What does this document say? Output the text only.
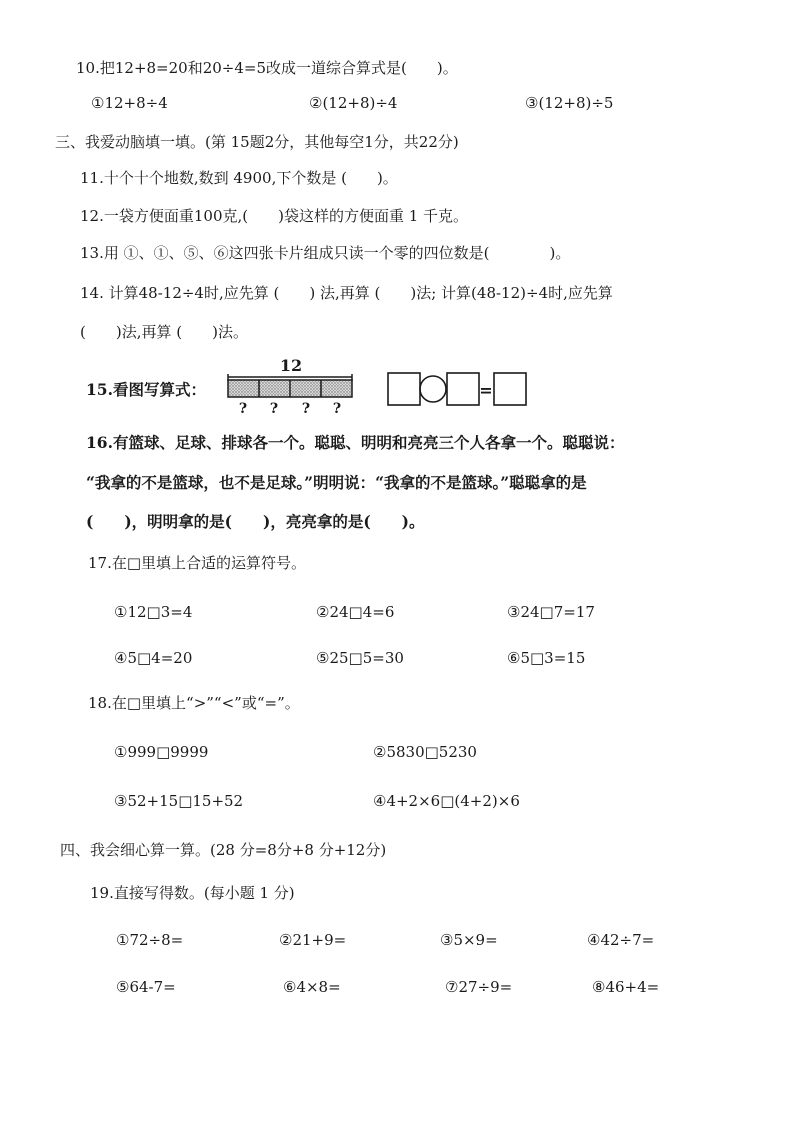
10.把12+8=20和20÷4=5改成一道综合算式是(　　)。
①12+8÷4	②(12+8)÷4	③(12+8)÷5
三、我爱动脑填一填。(第 15题2分，其他每空1分，共22分)
11.十个十个地数,数到 4900,下个数是 (　　)。
12.一袋方便面重100克,(　　)袋这样的方便面重 1 千克。
13.用 ①、①、⑤、⑥这四张卡片组成只读一个零的四位数是(　　　　)。
14. 计算48-12÷4时,应先算 (　　) 法,再算 (　　)法; 计算(48-12)÷4时,应先算
(　　)法,再算 (　　)法。
15.看图写算式：
12
? ? ? ?
=
16.有篮球、足球、排球各一个。聪聪、明明和亮亮三个人各拿一个。聪聪说：
“我拿的不是篮球，也不是足球。”明明说：“我拿的不是篮球。”聪聪拿的是
(　　)，明明拿的是(　　)，亮亮拿的是(　　)。
17.在□里填上合适的运算符号。
①12□3=4	②24□4=6	③24□7=17
④5□4=20	⑤25□5=30	⑥5□3=15
18.在□里填上“>”“<”或“=”。
①999□9999	②5830□5230
③52+15□15+52	④4+2×6□(4+2)×6
四、我会细心算一算。(28 分=8分+8 分+12分)
19.直接写得数。(每小题 1 分)
①72÷8=	②21+9=	③5×9=	④42÷7=
⑤64-7=	⑥4×8=	⑦27÷9=	⑧46+4=
